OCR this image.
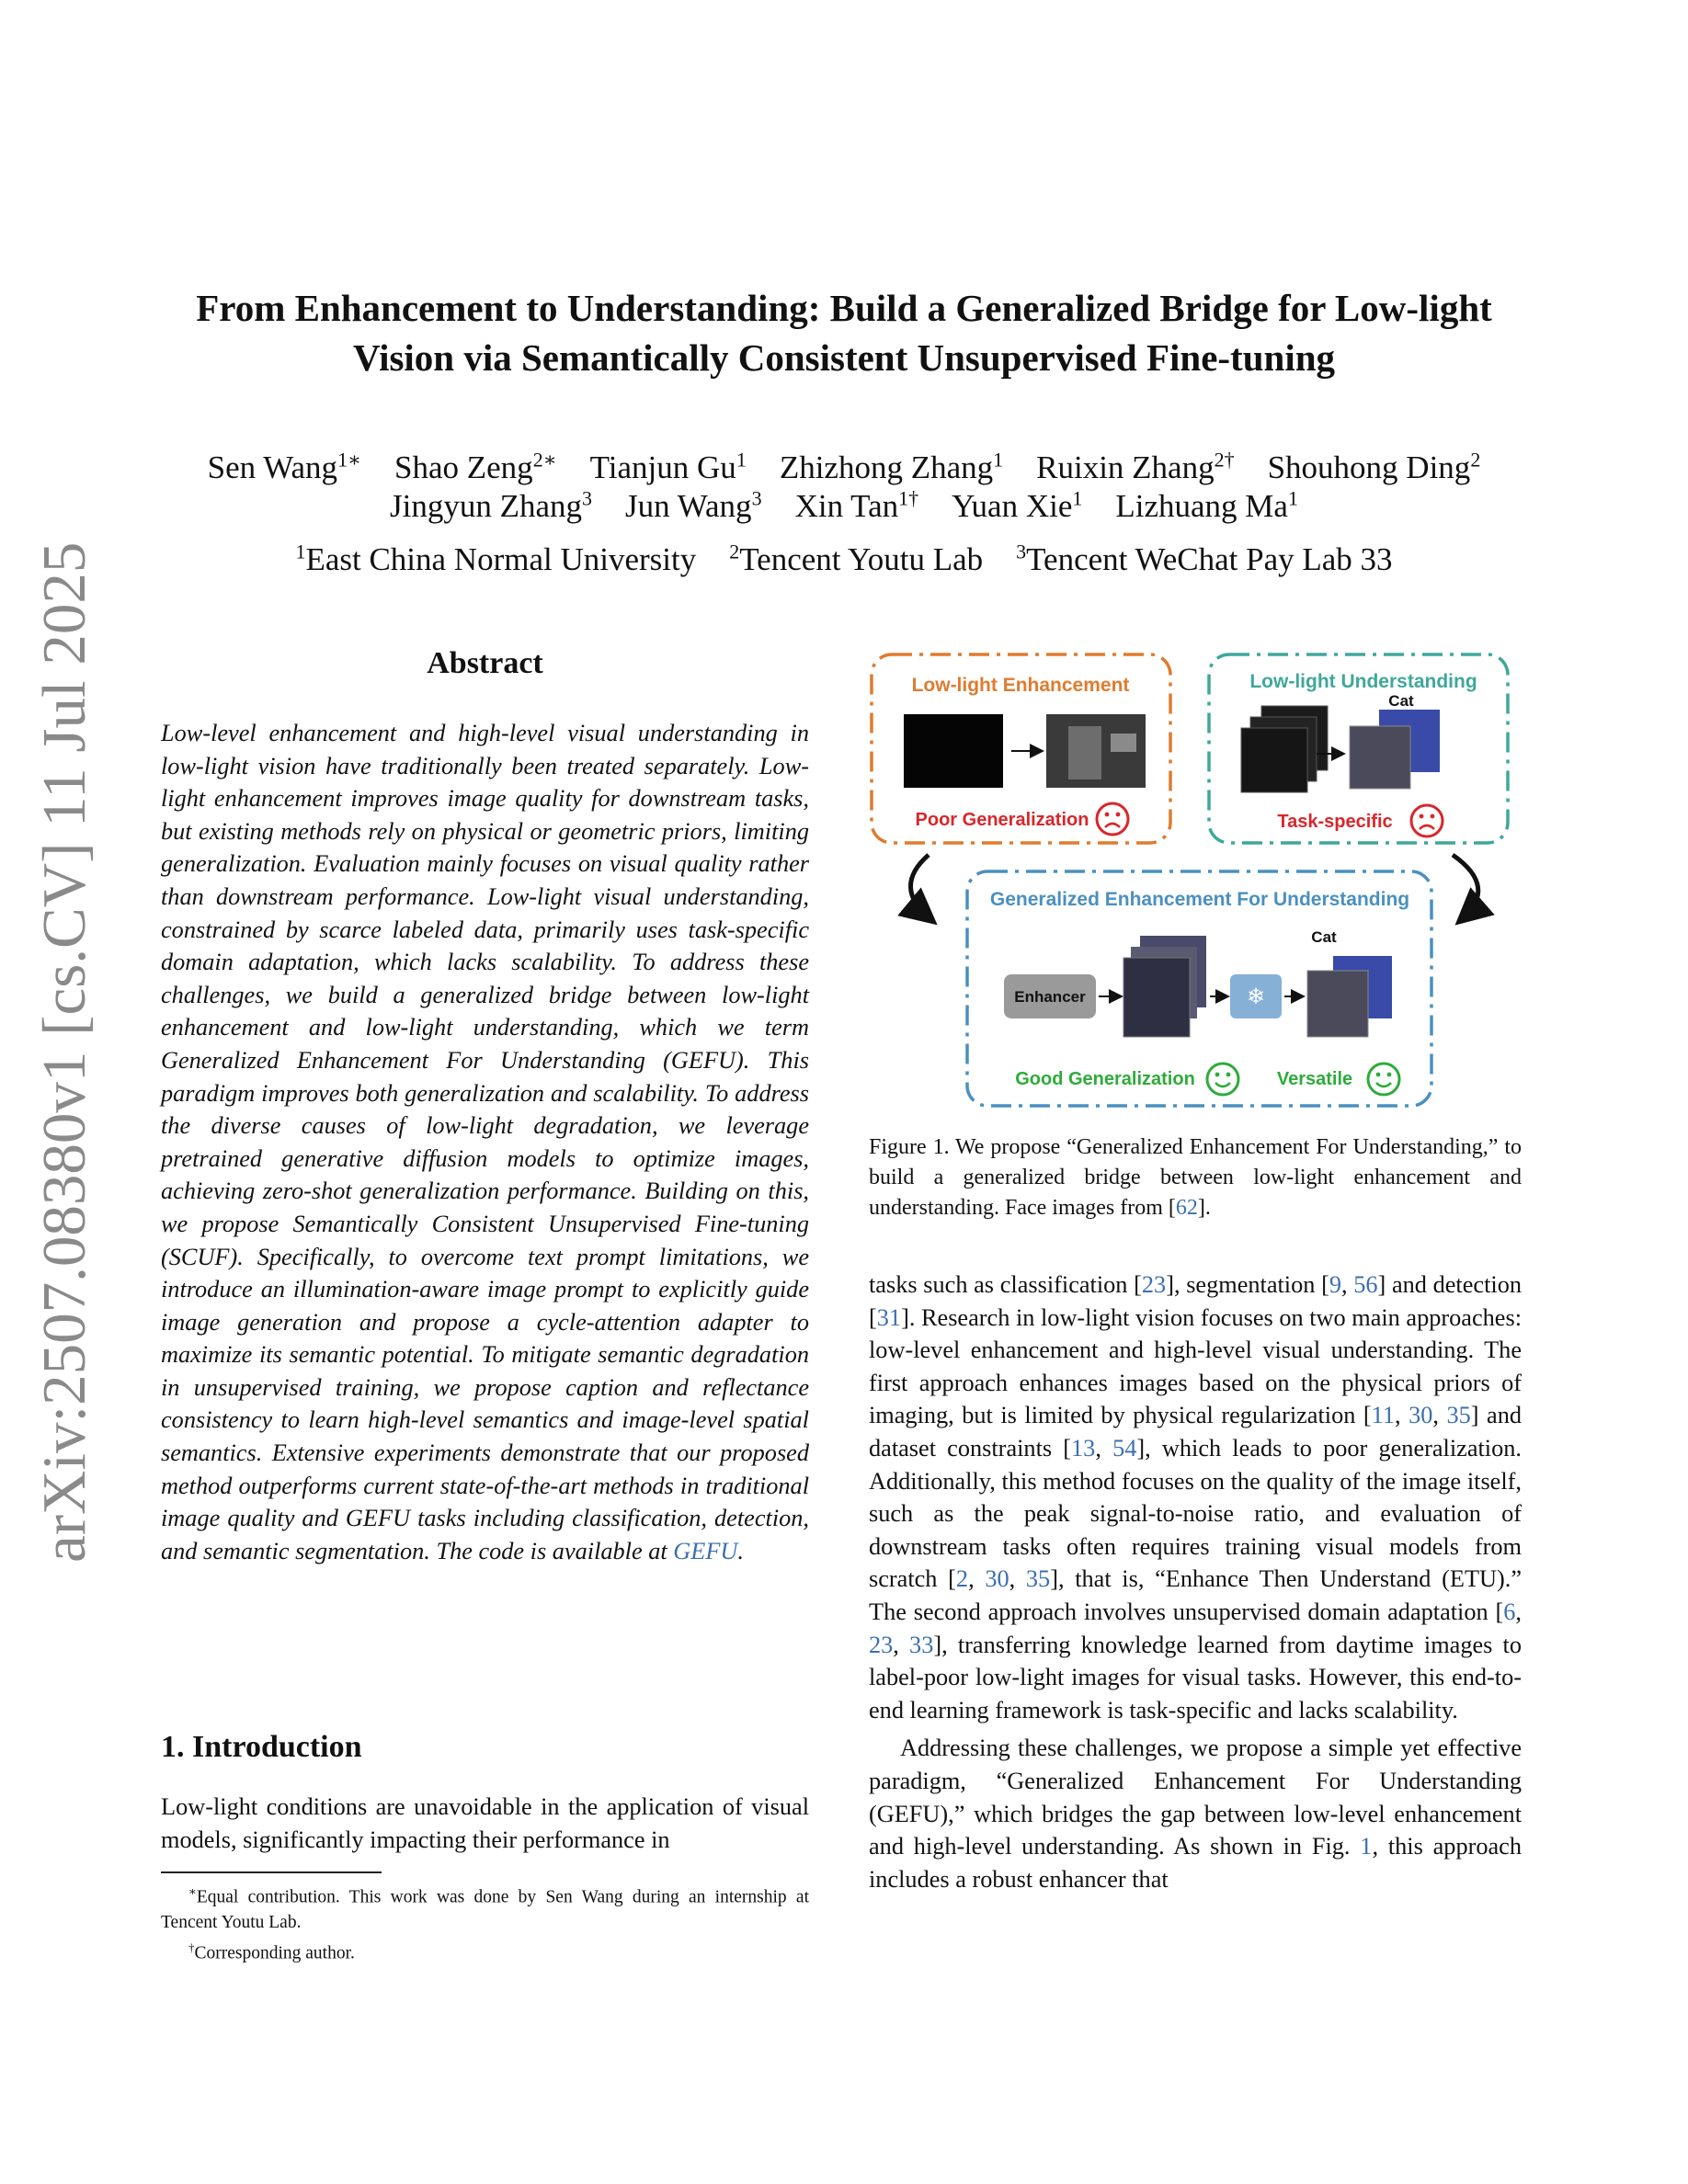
From Enhancement to Understanding: Build a Generalized Bridge for Low-light
Vision via Semantically Consistent Unsupervised Fine-tuning
Sen Wang$^{1∗}$ Shao Zeng$^{2∗}$ Tianjun Gu$^1$ Zhizhong Zhang$^1$ Ruixin Zhang$^{2\dagger}$ Shouhong Ding$^2$
Jingyun Zhang$^3$ Jun Wang$^3$ Xin Tan$^{1\dagger}$ Yuan Xie$^1$ Lizhuang Ma$^1$
$^1$East China Normal University $^2$Tencent Youtu Lab $^3$Tencent WeChat Pay Lab 33
arXiv:2507.08380v1 [cs.CV] 11 Jul 2025	Abstract
Low-level enhancement and high-level visual understanding in low-light vision have traditionally been treated separately. Low-light enhancement improves image quality for downstream tasks, but existing methods rely on physical or geometric priors, limiting generalization. Evaluation mainly focuses on visual quality rather than downstream performance. Low-light visual understanding, constrained by scarce labeled data, primarily uses task-specific domain adaptation, which lacks scalability. To address these challenges, we build a generalized bridge between low-light enhancement and low-light understanding, which we term Generalized Enhancement For Understanding (GEFU). This paradigm improves both generalization and scalability. To address the diverse causes of low-light degradation, we leverage pretrained generative diffusion models to optimize images, achieving zero-shot generalization performance. Building on this, we propose Semantically Consistent Unsupervised Fine-tuning (SCUF). Specifically, to overcome text prompt limitations, we introduce an illumination-aware image prompt to explicitly guide image generation and propose a cycle-attention adapter to maximize its semantic potential. To mitigate semantic degradation in unsupervised training, we propose caption and reflectance consistency to learn high-level semantics and image-level spatial semantics. Extensive experiments demonstrate that our proposed method outperforms current state-of-the-art methods in traditional image quality and GEFU tasks including classification, detection, and semantic segmentation. The code is available at GEFU.
1. Introduction
Low-light conditions are unavoidable in the application of visual models, significantly impacting their performance in

∗Equal contribution. This work was done by Sen Wang during an internship at Tencent Youtu Lab.

†Corresponding author.

Low-light Enhancement
Poor Generalization
Low-light Understanding
Cat
Task-specific
Generalized Enhancement For Understanding
Enhancer	❄
Cat
Good Generalization	Versatile
Figure 1. We propose “Generalized Enhancement For Understanding,” to build a generalized bridge between low-light enhancement and understanding. Face images from [62].

tasks such as classification [23], segmentation [9, 56] and detection [31]. Research in low-light vision focuses on two main approaches: low-level enhancement and high-level visual understanding. The first approach enhances images based on the physical priors of imaging, but is limited by physical regularization [11, 30, 35] and dataset constraints [13, 54], which leads to poor generalization. Additionally, this method focuses on the quality of the image itself, such as the peak signal-to-noise ratio, and evaluation of downstream tasks often requires training visual models from scratch [2, 30, 35], that is, “Enhance Then Understand (ETU).” The second approach involves unsupervised domain adaptation [6, 23, 33], transferring knowledge learned from daytime images to label-poor low-light images for visual tasks. However, this end-to-end learning framework is task-specific and lacks scalability.

Addressing these challenges, we propose a simple yet effective paradigm, “Generalized Enhancement For Understanding (GEFU),” which bridges the gap between low-level enhancement and high-level understanding. As shown in Fig. 1, this approach includes a robust enhancer that
